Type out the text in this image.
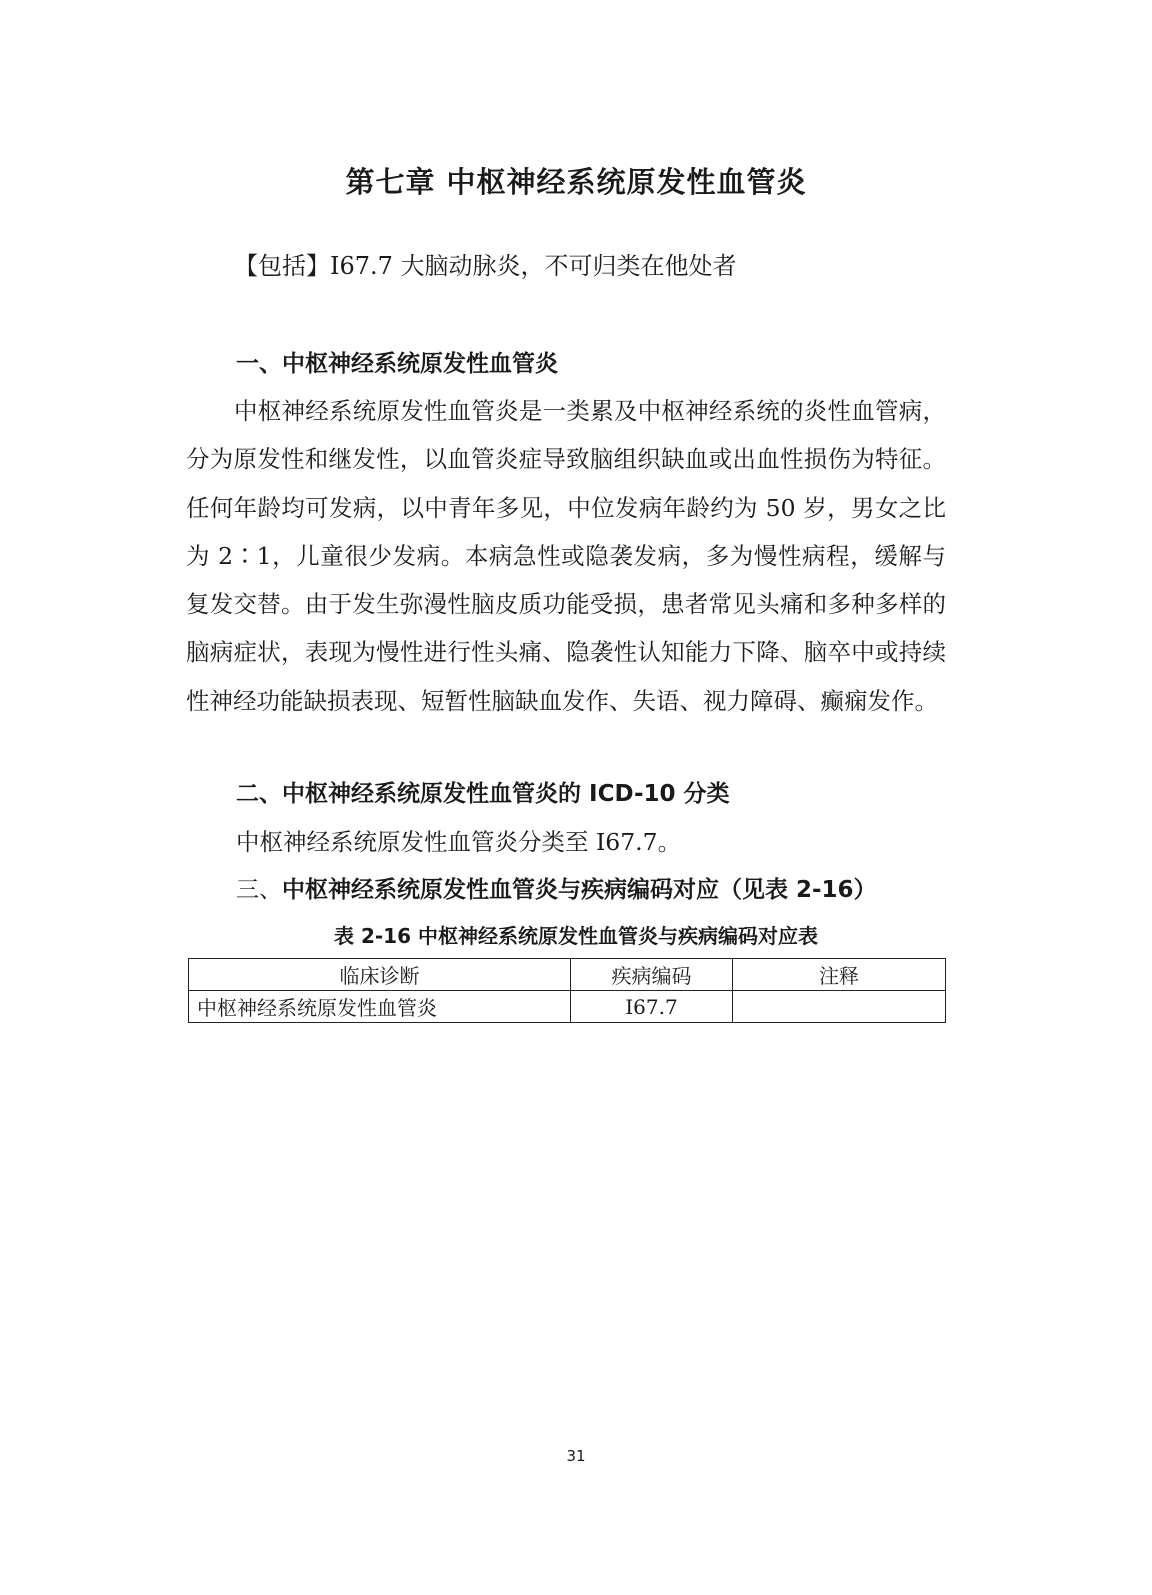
第七章 中枢神经系统原发性血管炎
【包括】I67.7 大脑动脉炎，不可归类在他处者
一、中枢神经系统原发性血管炎

中枢神经系统原发性血管炎是一类累及中枢神经系统的炎性血管病，分为原发性和继发性，以血管炎症导致脑组织缺血或出血性损伤为特征。任何年龄均可发病，以中青年多见，中位发病年龄约为 50 岁，男女之比为 2∶1，儿童很少发病。本病急性或隐袭发病，多为慢性病程，缓解与复发交替。由于发生弥漫性脑皮质功能受损，患者常见头痛和多种多样的脑病症状，表现为慢性进行性头痛、隐袭性认知能力下降、脑卒中或持续性神经功能缺损表现、短暂性脑缺血发作、失语、视力障碍、癫痫发作。

二、中枢神经系统原发性血管炎的 ICD-10 分类
中枢神经系统原发性血管炎分类至 I67.7。
三、中枢神经系统原发性血管炎与疾病编码对应（见表 2-16）
表 2-16 中枢神经系统原发性血管炎与疾病编码对应表
临床诊断	疾病编码	注释
中枢神经系统原发性血管炎	I67.7	
31
